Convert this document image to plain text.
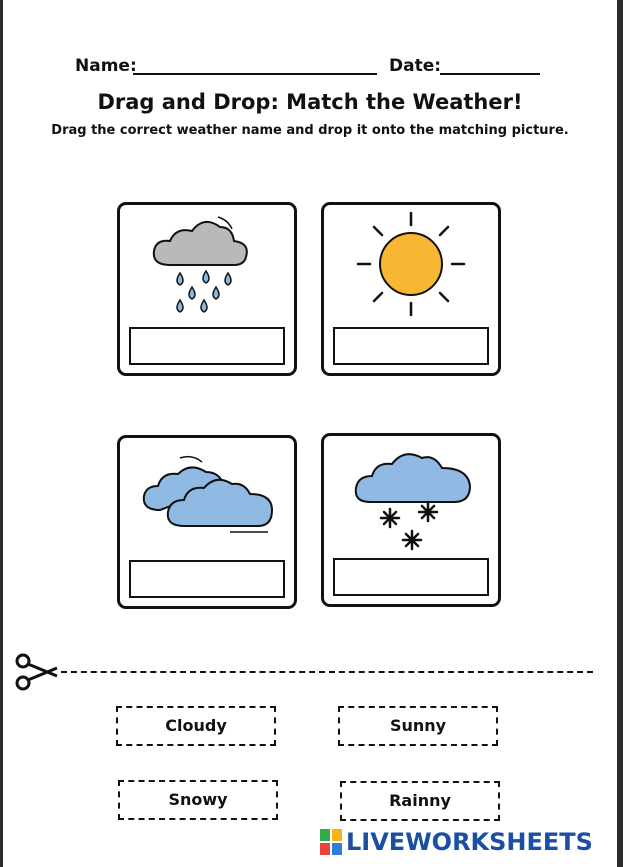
Name:	Date:
Drag and Drop: Match the Weather!
Drag the correct weather name and drop it onto the matching picture.
Cloudy	Sunny
Snowy	Rainny
LIVEWORKSHEETS
